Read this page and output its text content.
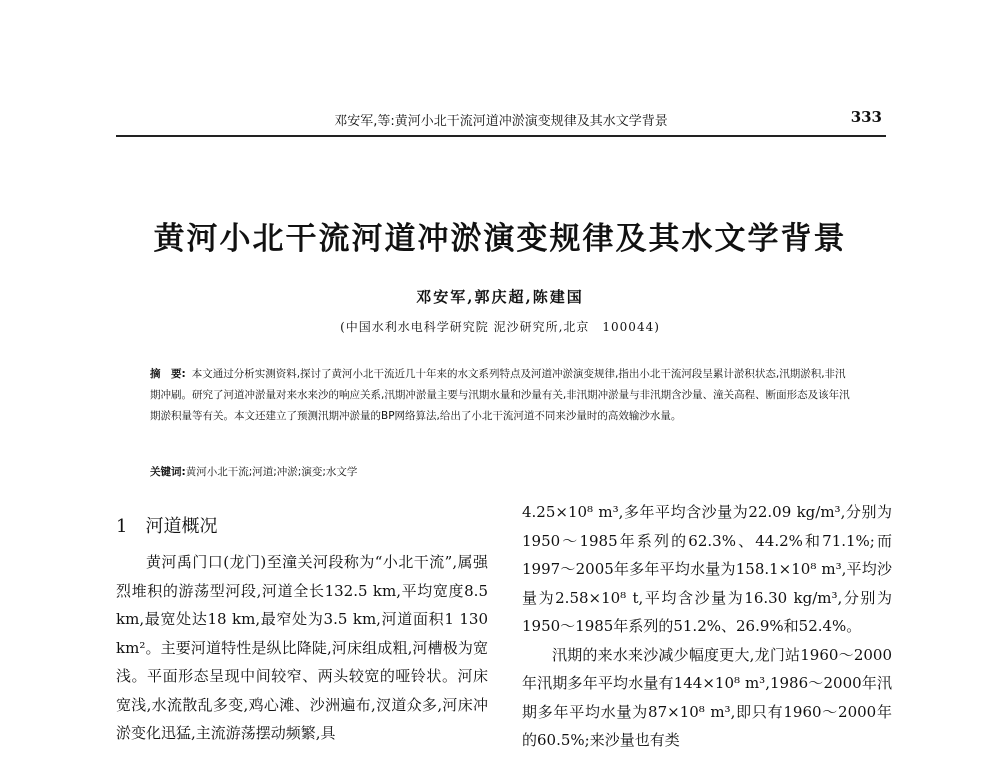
邓安军,等:黄河小北干流河道冲淤演变规律及其水文学背景	333
黄河小北干流河道冲淤演变规律及其水文学背景
邓安军,郭庆超,陈建国
(中国水利水电科学研究院 泥沙研究所,北京　100044)
摘　要: 本文通过分析实测资料,探讨了黄河小北干流近几十年来的水文系列特点及河道冲淤演变规律,指出小北干流河段呈累计淤积状态,汛期淤积,非汛期冲刷。研究了河道冲淤量对来水来沙的响应关系,汛期冲淤量主要与汛期水量和沙量有关,非汛期冲淤量与非汛期含沙量、潼关高程、断面形态及该年汛期淤积量等有关。本文还建立了预测汛期冲淤量的BP网络算法,给出了小北干流河道不同来沙量时的高效输沙水量。
关键词:黄河小北干流;河道;冲淤;演变;水文学
1 河道概况

黄河禹门口(龙门)至潼关河段称为“小北干流”,属强烈堆积的游荡型河段,河道全长132.5 km,平均宽度8.5 km,最宽处达18 km,最窄处为3.5 km,河道面积1 130 km²。主要河道特性是纵比降陡,河床组成粗,河槽极为宽浅。平面形态呈现中间较窄、两头较宽的哑铃状。河床宽浅,水流散乱多变,鸡心滩、沙洲遍布,汊道众多,河床冲淤变化迅猛,主流游荡摆动频繁,具

4.25×10⁸ m³,多年平均含沙量为22.09 kg/m³,分别为1950～1985年系列的62.3%、44.2%和71.1%;而1997～2005年多年平均水量为158.1×10⁸ m³,平均沙量为2.58×10⁸ t,平均含沙量为16.30 kg/m³,分别为1950～1985年系列的51.2%、26.9%和52.4%。

汛期的来水来沙减少幅度更大,龙门站1960～2000年汛期多年平均水量有144×10⁸ m³,1986～2000年汛期多年平均水量为87×10⁸ m³,即只有1960～2000年的60.5%;来沙量也有类
